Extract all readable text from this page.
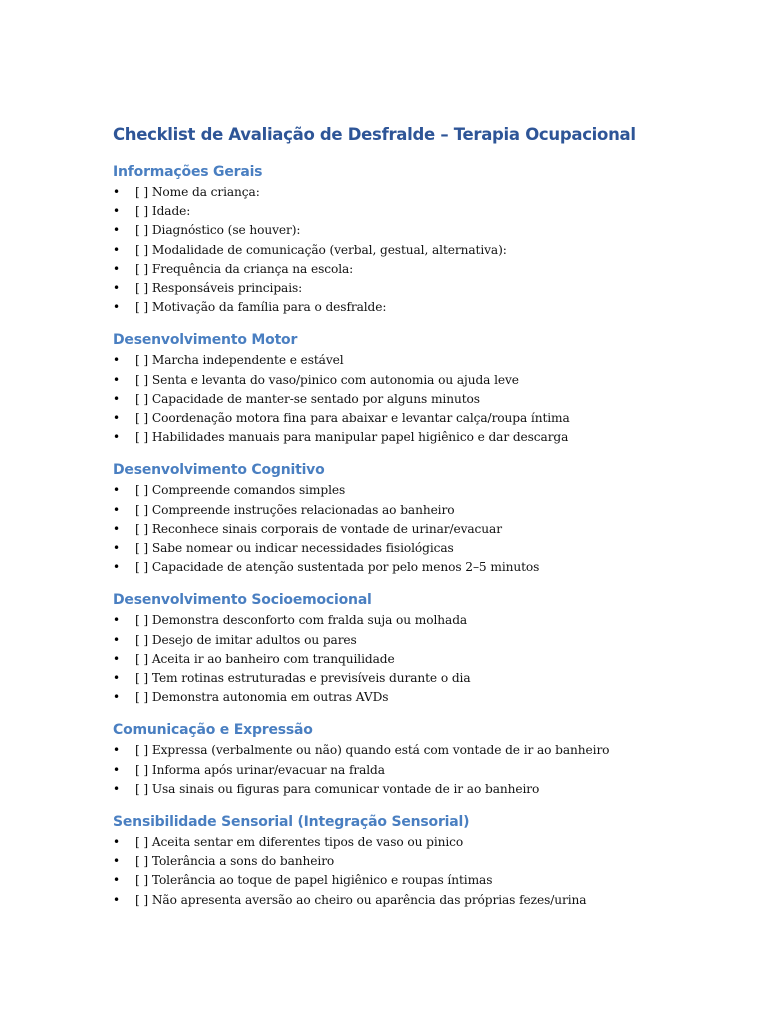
Checklist de Avaliação de Desfralde – Terapia Ocupacional
Informações Gerais
• [ ] Nome da criança:
• [ ] Idade:
• [ ] Diagnóstico (se houver):
• [ ] Modalidade de comunicação (verbal, gestual, alternativa):
• [ ] Frequência da criança na escola:
• [ ] Responsáveis principais:
• [ ] Motivação da família para o desfralde:
Desenvolvimento Motor
• [ ] Marcha independente e estável
• [ ] Senta e levanta do vaso/pinico com autonomia ou ajuda leve
• [ ] Capacidade de manter-se sentado por alguns minutos
• [ ] Coordenação motora fina para abaixar e levantar calça/roupa íntima
• [ ] Habilidades manuais para manipular papel higiênico e dar descarga
Desenvolvimento Cognitivo
• [ ] Compreende comandos simples
• [ ] Compreende instruções relacionadas ao banheiro
• [ ] Reconhece sinais corporais de vontade de urinar/evacuar
• [ ] Sabe nomear ou indicar necessidades fisiológicas
• [ ] Capacidade de atenção sustentada por pelo menos 2–5 minutos
Desenvolvimento Socioemocional
• [ ] Demonstra desconforto com fralda suja ou molhada
• [ ] Desejo de imitar adultos ou pares
• [ ] Aceita ir ao banheiro com tranquilidade
• [ ] Tem rotinas estruturadas e previsíveis durante o dia
• [ ] Demonstra autonomia em outras AVDs
Comunicação e Expressão
• [ ] Expressa (verbalmente ou não) quando está com vontade de ir ao banheiro
• [ ] Informa após urinar/evacuar na fralda
• [ ] Usa sinais ou figuras para comunicar vontade de ir ao banheiro
Sensibilidade Sensorial (Integração Sensorial)
• [ ] Aceita sentar em diferentes tipos de vaso ou pinico
• [ ] Tolerância a sons do banheiro
• [ ] Tolerância ao toque de papel higiênico e roupas íntimas
• [ ] Não apresenta aversão ao cheiro ou aparência das próprias fezes/urina
